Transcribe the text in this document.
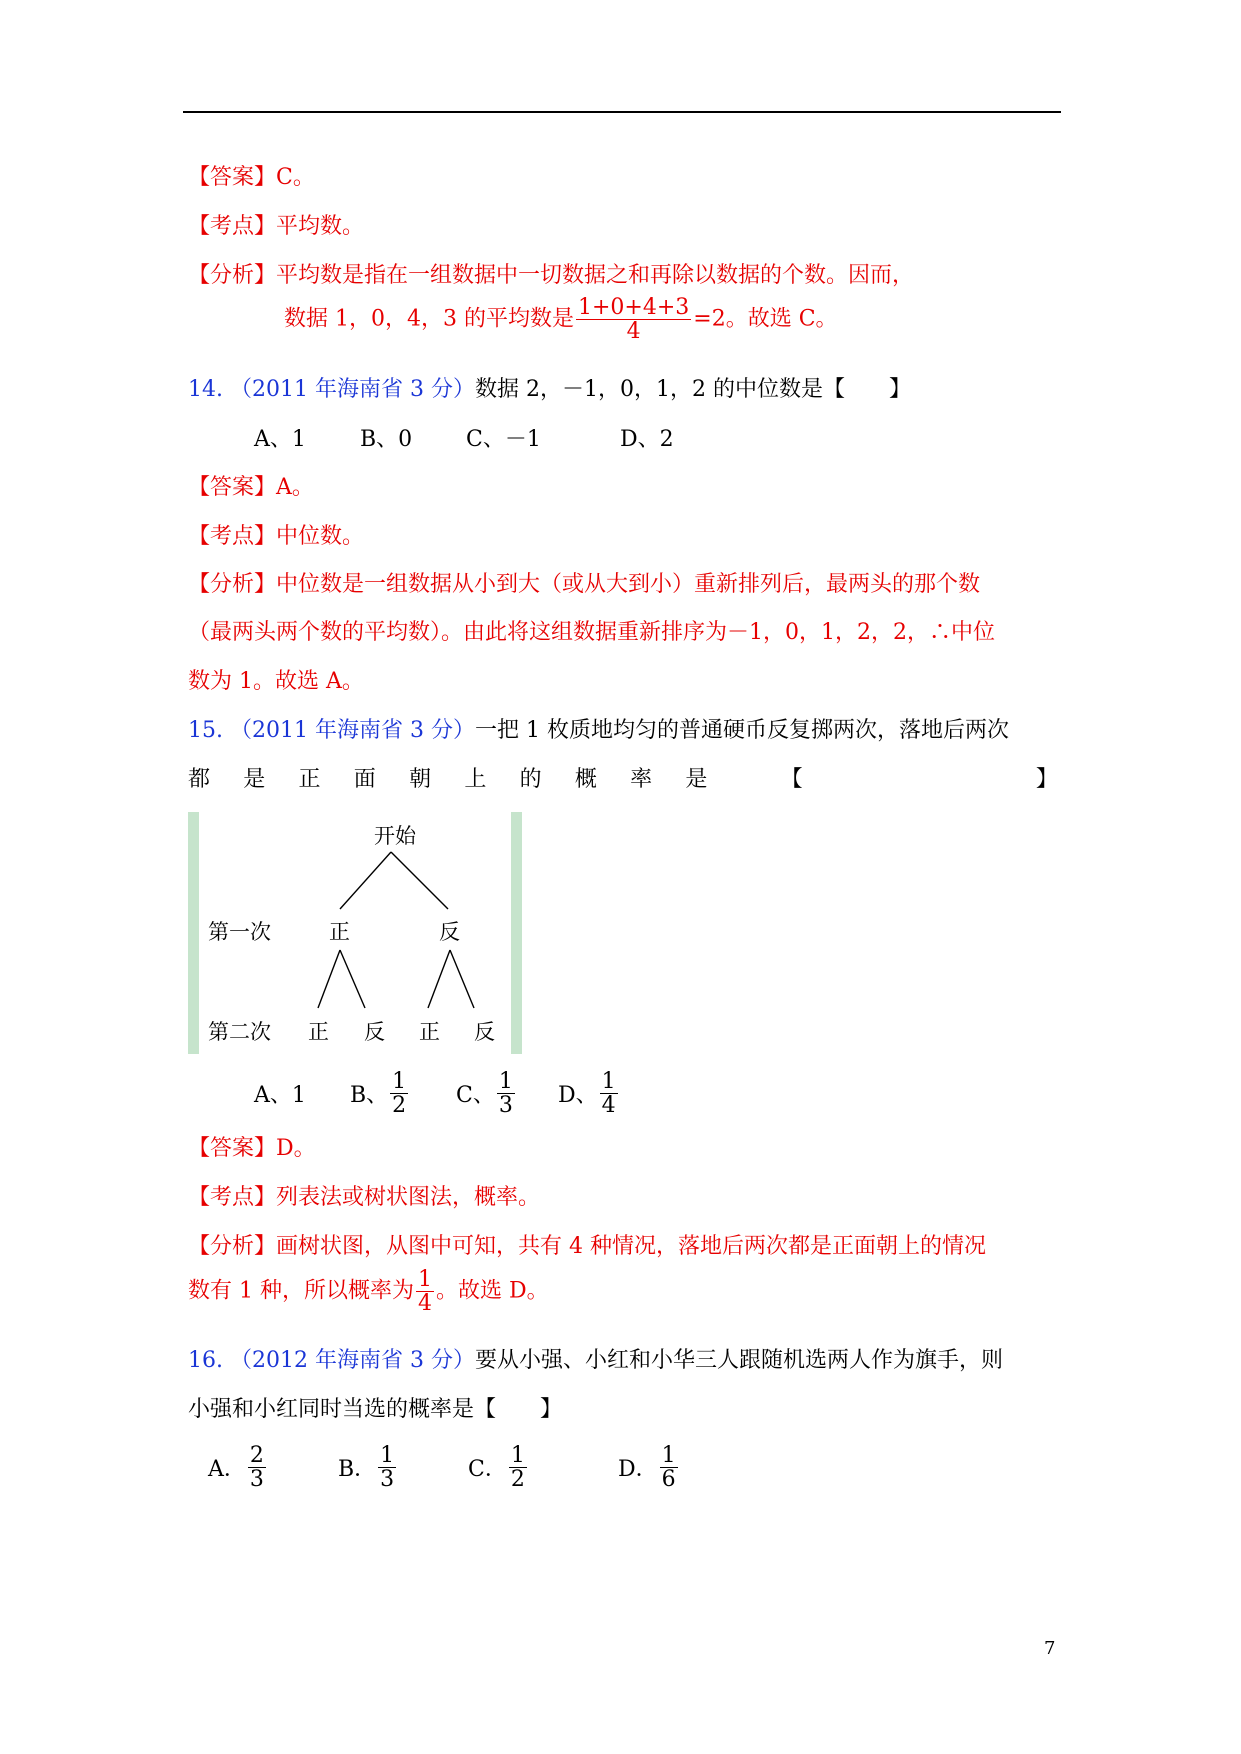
【答案】C。
【考点】平均数。
【分析】平均数是指在一组数据中一切数据之和再除以数据的个数。因而，
数据 1，0，4，3 的平均数是 $\frac{1+0+4+3}{4} =2$。故选 C。
14. （2011 年海南省 3 分）数据 2，－1，0，1，2 的中位数是【　　】
A、1 B、0 C、－1	D、2
【答案】A。
【考点】中位数。
【分析】中位数是一组数据从小到大（或从大到小）重新排列后，最两头的那个数
（最两头两个数的平均数）。由此将这组数据重新排序为－1，0，1，2，2，∴中位
数为 1。故选 A。
15. （2011 年海南省 3 分）一把 1 枚质地均匀的普通硬币反复掷两次，落地后两次
都 是 正 面 朝 上 的 概 率 是	【	】
开始
第一次	正	反
第二次 正 反 正 反
A、1 B、 $\frac{1}{2}$ C、 $\frac{1}{3}$ D、 $\frac{1}{4}$
【答案】D。
【考点】列表法或树状图法，概率。
【分析】画树状图，从图中可知，共有 4 种情况，落地后两次都是正面朝上的情况
数有 1 种，所以概率为 $\frac{1}{4}$ 。故选 D。
16. （2012 年海南省 3 分）要从小强、小红和小华三人跟随机选两人作为旗手，则
小强和小红同时当选的概率是【　　】
A． $\frac{2}{3}$	B． $\frac{1}{3}$	C． $\frac{1}{2}$	D． $\frac{1}{6}$
7
